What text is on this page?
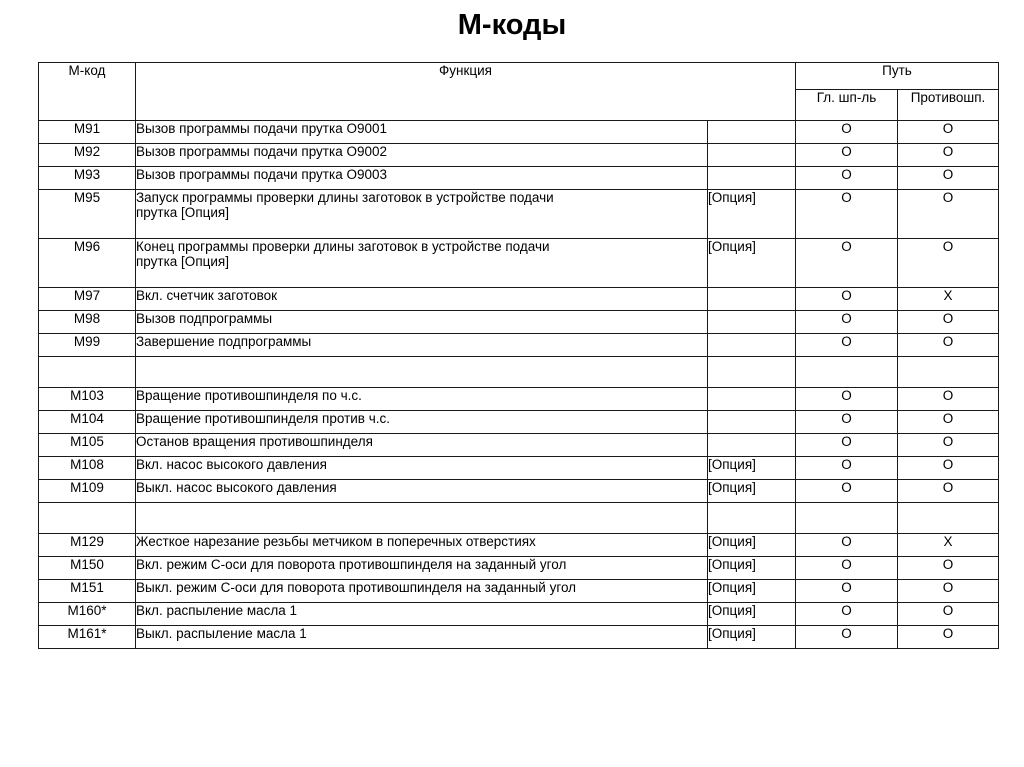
М-коды
М-код	Функция		Путь	
			Гл. шп-ль	Противошп.
M91	Вызов программы подачи прутка O9001		O	O
M92	Вызов программы подачи прутка O9002		O	O
M93	Вызов программы подачи прутка O9003		O	O
M95	Запуск программы проверки длины заготовок в устройстве подачи
прутка [Опция]	[Опция]	O	O
M96	Конец программы проверки длины заготовок в устройстве подачи
прутка [Опция]	[Опция]	O	O
M97	Вкл. счетчик заготовок		O	X
M98	Вызов подпрограммы		O	O
M99	Завершение подпрограммы		O	O

M103	Вращение противошпинделя по ч.с.		O	O
M104	Вращение противошпинделя против ч.с.		O	O
M105	Останов вращения противошпинделя		O	O
M108	Вкл. насос высокого давления	[Опция]	O	O
M109	Выкл. насос высокого давления	[Опция]	O	O

M129	Жесткое нарезание резьбы метчиком в поперечных отверстиях	[Опция]	O	X
M150	Вкл. режим С-оси для поворота противошпинделя на заданный угол	[Опция]	O	O
M151	Выкл. режим С-оси для поворота противошпинделя на заданный угол	[Опция]	O	O
M160*	Вкл. распыление масла 1	[Опция]	O	O
M161*	Выкл. распыление масла 1	[Опция]	O	O
